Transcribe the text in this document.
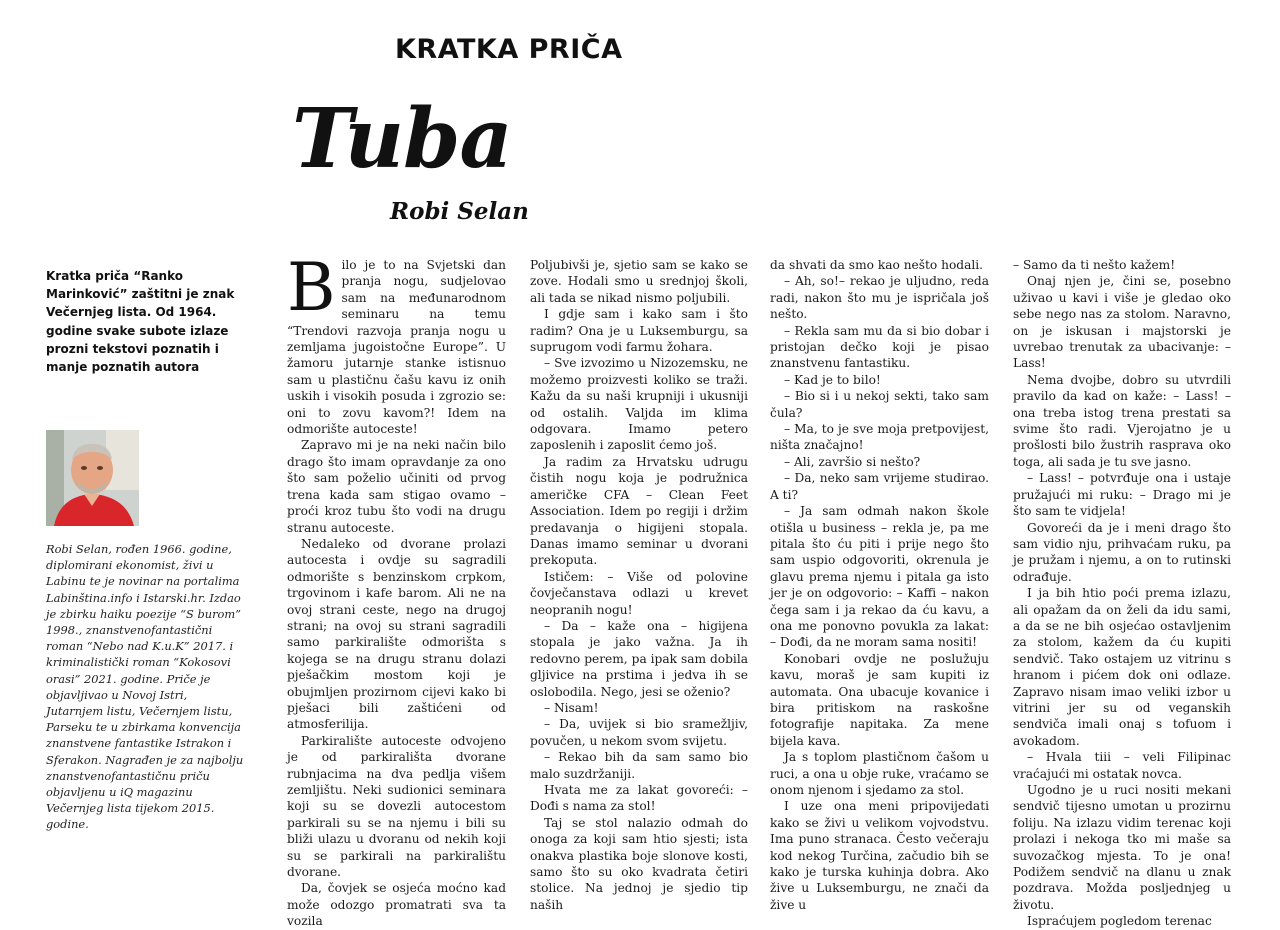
KRATKA PRIČA
Tuba
Robi Selan
Kratka priča “Ranko Marinković” zaštitni je znak Večernjeg lista. Od 1964. godine svake subote izlaze prozni tekstovi poznatih i manje poznatih autora
Robi Selan, rođen 1966. godine, diplomirani ekonomist, živi u Labinu te je novinar na portalima Labinština.info i Istarski.hr. Izdao je zbirku haiku poezije “S burom” 1998., znanstvenofantastični roman “Nebo nad K.u.K” 2017. i kriminalistički roman “Kokosovi orasi” 2021. godine. Priče je objavljivao u Novoj Istri, Jutarnjem listu, Večernjem listu, Parseku te u zbirkama konvencija znanstvene fantastike Istrakon i Sferakon. Nagrađen je za najbolju znanstvenofantastičnu priču objavljenu u iQ magazinu Večernjeg lista tijekom 2015. godine.

Bilo je to na Svjetski dan pranja nogu, sudjelovao sam na međunarodnom seminaru na temu “Trendovi razvoja pranja nogu u zemljama jugoistočne Europe”. U žamoru jutarnje stanke istisnuo sam u plastičnu čašu kavu iz onih uskih i visokih posuda i zgrozio se: oni to zovu kavom?! Idem na odmorište autoceste!

Zapravo mi je na neki način bilo drago što imam opravdanje za ono što sam poželio učiniti od prvog trena kada sam stigao ovamo – proći kroz tubu što vodi na drugu stranu autoceste.

Nedaleko od dvorane prolazi autocesta i ovdje su sagradili odmorište s benzinskom crpkom, trgovinom i kafe barom. Ali ne na ovoj strani ceste, nego na drugoj strani; na ovoj su strani sagradili samo parkiralište odmorišta s kojega se na drugu stranu dolazi pješačkim mostom koji je obujmljen prozirnom cijevi kako bi pješaci bili zaštićeni od atmosferilija.

Parkiralište autoceste odvojeno je od parkirališta dvorane rubnjacima na dva pedlja višem zemljištu. Neki sudionici seminara koji su se dovezli autocestom parkirali su se na njemu i bili su bliži ulazu u dvoranu od nekih koji su se parkirali na parkiralištu dvorane.

Da, čovjek se osjeća moćno kad može odozgo promatrati sva ta vozila

Poljubivši je, sjetio sam se kako se zove. Hodali smo u srednjoj školi, ali tada se nikad nismo poljubili.

I gdje sam i kako sam i što radim? Ona je u Luksemburgu, sa suprugom vodi farmu žohara.

– Sve izvozimo u Nizozemsku, ne možemo proizvesti koliko se traži. Kažu da su naši krupniji i ukusniji od ostalih. Valjda im klima odgovara. Imamo petero zaposlenih i zaposlit ćemo još.

Ja radim za Hrvatsku udrugu čistih nogu koja je podružnica američke CFA – Clean Feet Association. Idem po regiji i držim predavanja o higijeni stopala. Danas imamo seminar u dvorani prekoputa.

Ističem: – Više od polovine čovječanstava odlazi u krevet neopranih nogu!

– Da – kaže ona – higijena stopala je jako važna. Ja ih redovno perem, pa ipak sam dobila gljivice na prstima i jedva ih se oslobodila. Nego, jesi se oženio?

– Nisam!

– Da, uvijek si bio sramežljiv, povučen, u nekom svom svijetu.

– Rekao bih da sam samo bio malo suzdržaniji.

Hvata me za lakat govoreći: – Dođi s nama za stol!

Taj se stol nalazio odmah do onoga za koji sam htio sjesti; ista onakva plastika boje slonove kosti, samo što su oko kvadrata četiri stolice. Na jednoj je sjedio tip naših

da shvati da smo kao nešto hodali.

– Ah, so!– rekao je uljudno, reda radi, nakon što mu je ispričala još nešto.

– Rekla sam mu da si bio dobar i pristojan dečko koji je pisao znanstvenu fantastiku.

– Kad je to bilo!

– Bio si i u nekoj sekti, tako sam čula?

– Ma, to je sve moja pretpovijest, ništa značajno!

– Ali, završio si nešto?

– Da, neko sam vrijeme studirao. A ti?

– Ja sam odmah nakon škole otišla u business – rekla je, pa me pitala što ću piti i prije nego što sam uspio odgovoriti, okrenula je glavu prema njemu i pitala ga isto jer je on odgovorio: – Kaffi – nakon čega sam i ja rekao da ću kavu, a ona me ponovno povukla za lakat: – Dođi, da ne moram sama nositi!

Konobari ovdje ne poslužuju kavu, moraš je sam kupiti iz automata. Ona ubacuje kovanice i bira pritiskom na raskošne fotografije napitaka. Za mene bijela kava.

Ja s toplom plastičnom čašom u ruci, a ona u obje ruke, vraćamo se onom njenom i sjedamo za stol.

I uze ona meni pripovijedati kako se živi u velikom vojvodstvu. Ima puno stranaca. Često večeraju kod nekog Turčina, začudio bih se kako je turska kuhinja dobra. Ako žive u Luksemburgu, ne znači da žive u

– Samo da ti nešto kažem!

Onaj njen je, čini se, posebno uživao u kavi i više je gledao oko sebe nego nas za stolom. Naravno, on je iskusan i majstorski je uvrebao trenutak za ubacivanje: – Lass!

Nema dvojbe, dobro su utvrdili pravilo da kad on kaže: – Lass! – ona treba istog trena prestati sa svime što radi. Vjerojatno je u prošlosti bilo žustrih rasprava oko toga, ali sada je tu sve jasno.

– Lass! – potvrđuje ona i ustaje pružajući mi ruku: – Drago mi je što sam te vidjela!

Govoreći da je i meni drago što sam vidio nju, prihvaćam ruku, pa je pružam i njemu, a on to rutinski odrađuje.

I ja bih htio poći prema izlazu, ali opažam da on želi da idu sami, a da se ne bih osjećao ostavljenim za stolom, kažem da ću kupiti sendvič. Tako ostajem uz vitrinu s hranom i pićem dok oni odlaze. Zapravo nisam imao veliki izbor u vitrini jer su od veganskih sendviča imali onaj s tofuom i avokadom.

– Hvala tiii – veli Filipinac vraćajući mi ostatak novca.

Ugodno je u ruci nositi mekani sendvič tijesno umotan u prozirnu foliju. Na izlazu vidim terenac koji prolazi i nekoga tko mi maše sa suvozačkog mjesta. To je ona! Podižem sendvič na dlanu u znak pozdrava. Možda posljednjeg u životu.

Ispraćujem pogledom terenac
